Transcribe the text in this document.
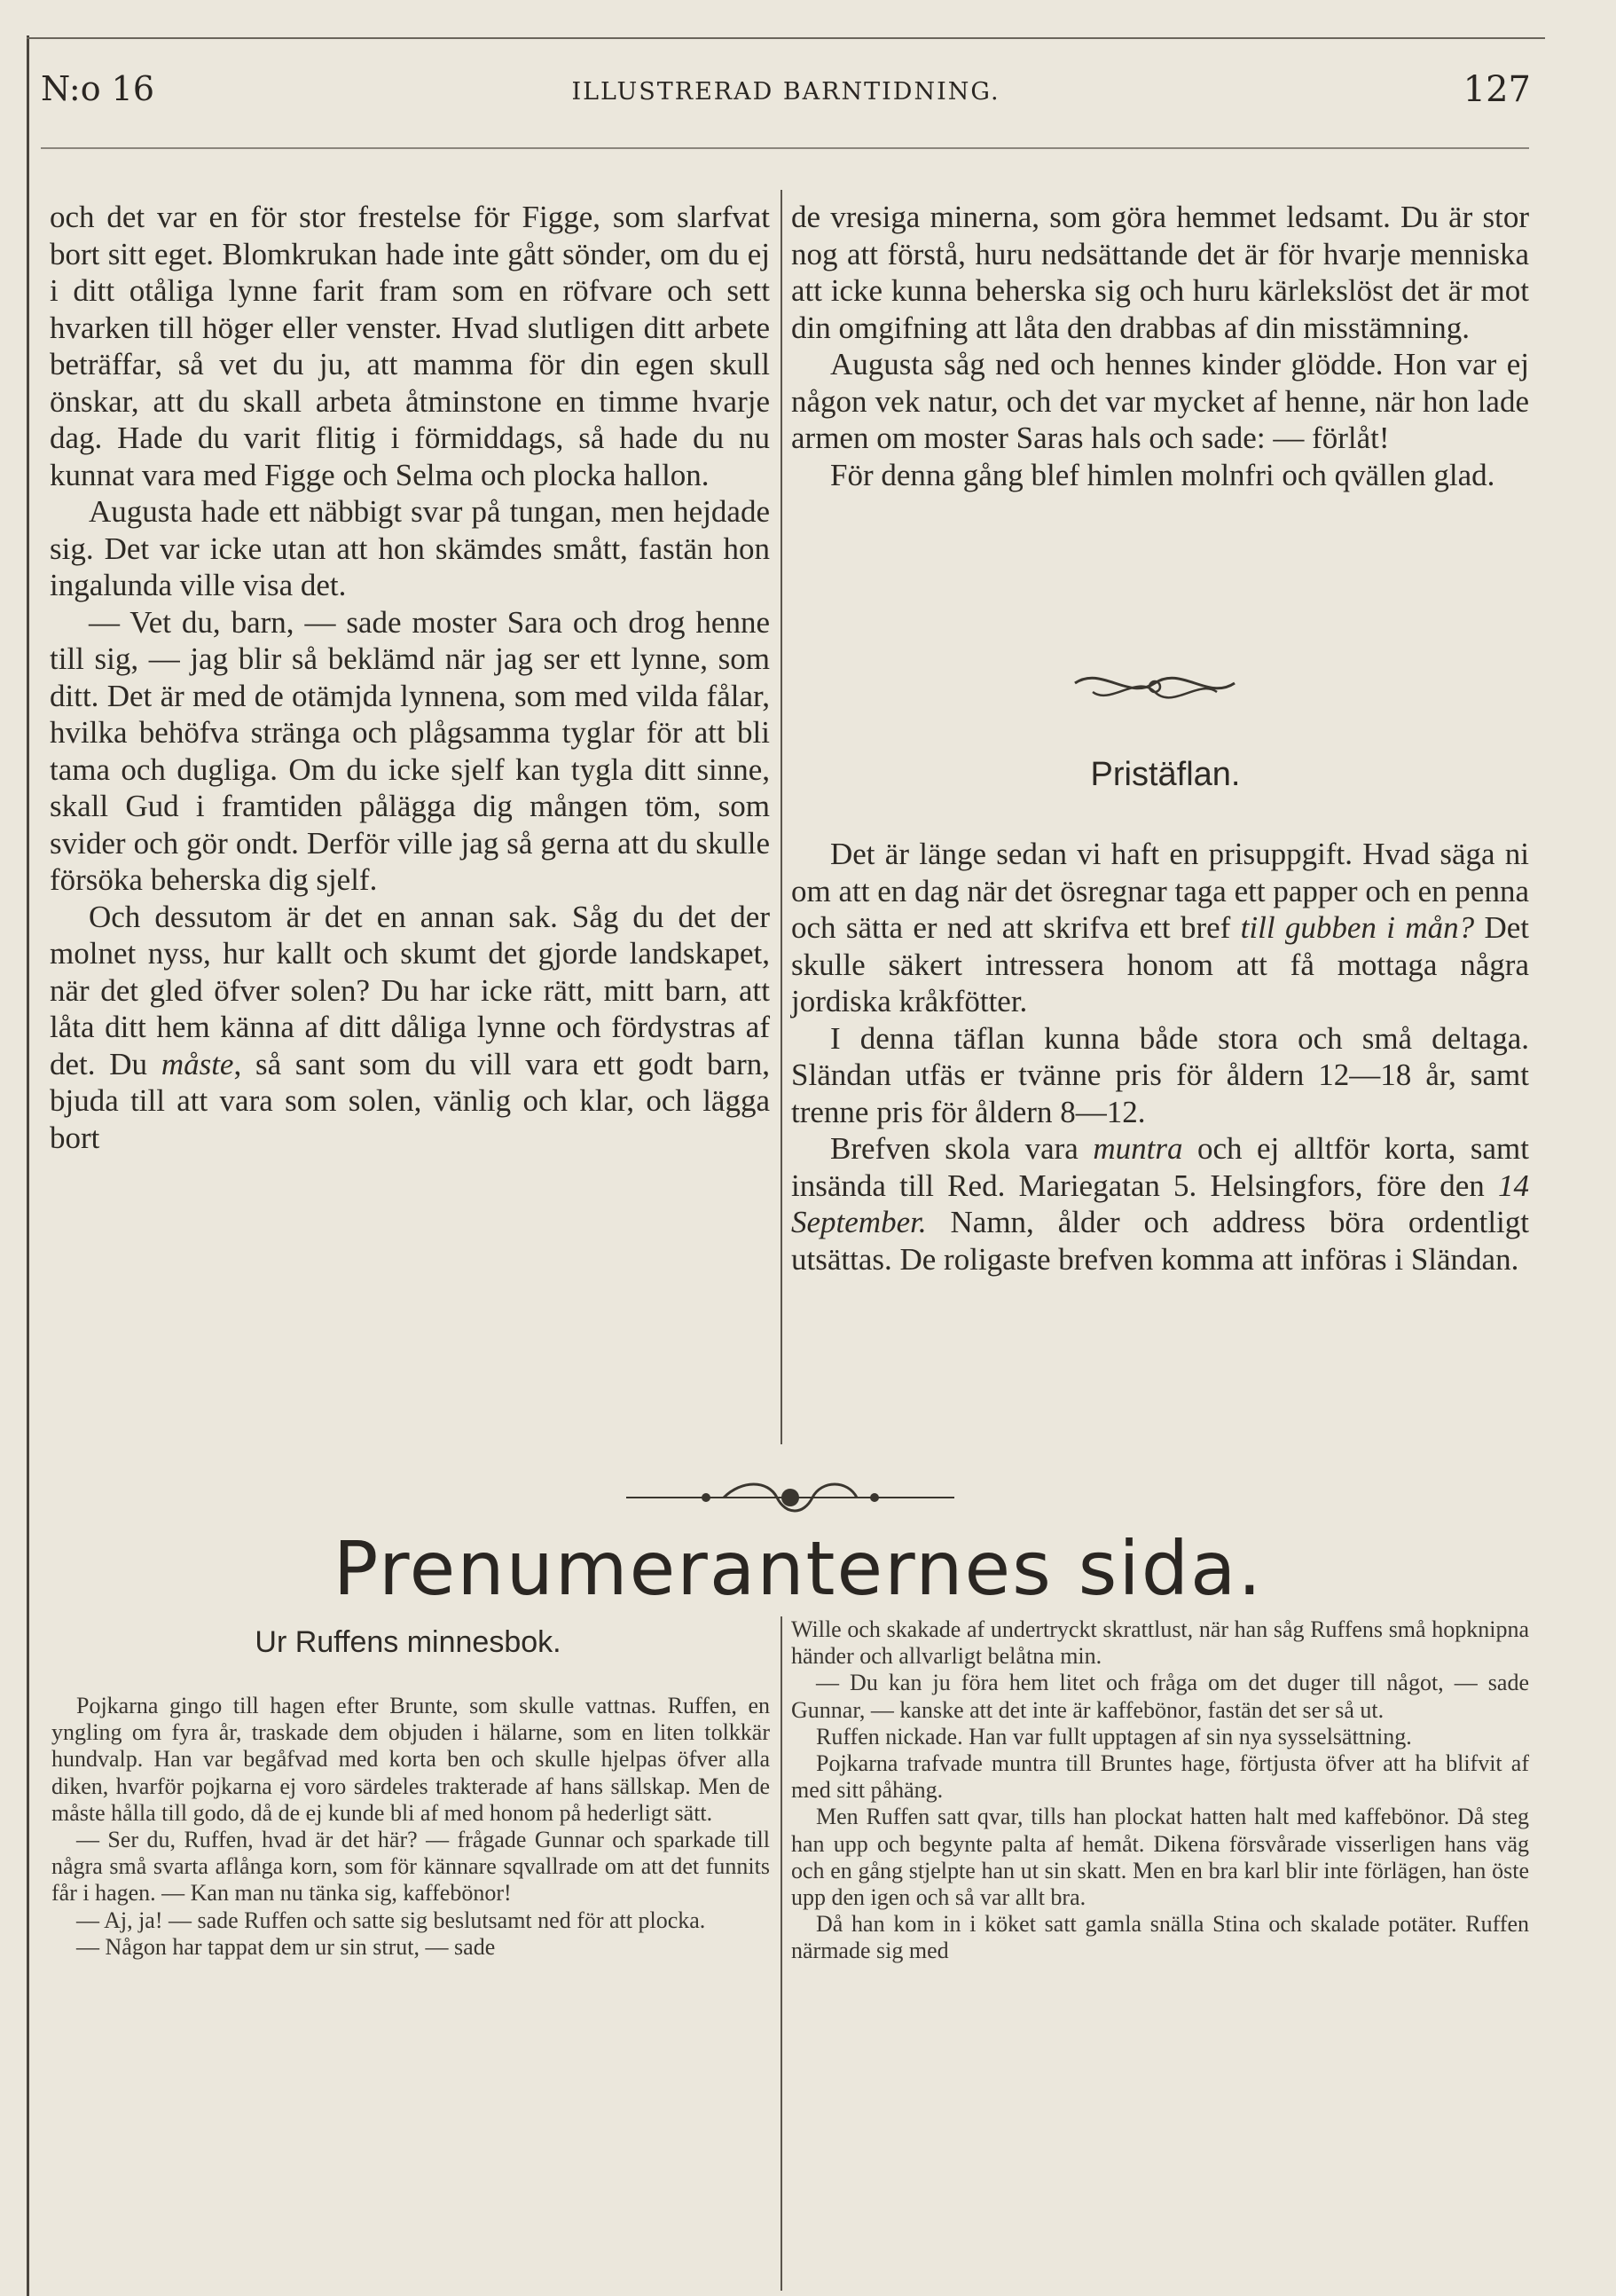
N:o 16	ILLUSTRERAD BARNTIDNING.	127

och det var en för stor frestelse för Figge, som slarfvat bort sitt eget. Blomkrukan hade inte gått sönder, om du ej i ditt otåliga lynne farit fram som en röfvare och sett hvarken till höger eller venster. Hvad slutligen ditt arbete beträffar, så vet du ju, att mamma för din egen skull önskar, att du skall arbeta åtminstone en timme hvarje dag. Hade du varit flitig i förmiddags, så hade du nu kunnat vara med Figge och Selma och plocka hallon.

Augusta hade ett näbbigt svar på tungan, men hejdade sig. Det var icke utan att hon skämdes smått, fastän hon ingalunda ville visa det.

— Vet du, barn, — sade moster Sara och drog henne till sig, — jag blir så beklämd när jag ser ett lynne, som ditt. Det är med de otämjda lynnena, som med vilda fålar, hvilka behöfva stränga och plågsamma tyglar för att bli tama och dugliga. Om du icke sjelf kan tygla ditt sinne, skall Gud i framtiden pålägga dig mången töm, som svider och gör ondt. Derför ville jag så gerna att du skulle försöka beherska dig sjelf.

Och dessutom är det en annan sak. Såg du det der molnet nyss, hur kallt och skumt det gjorde landskapet, när det gled öfver solen? Du har icke rätt, mitt barn, att låta ditt hem känna af ditt dåliga lynne och fördystras af det. Du måste, så sant som du vill vara ett godt barn, bjuda till att vara som solen, vänlig och klar, och lägga bort

de vresiga minerna, som göra hemmet ledsamt. Du är stor nog att förstå, huru nedsättande det är för hvarje menniska att icke kunna beherska sig och huru kärlekslöst det är mot din omgifning att låta den drabbas af din misstämning.

Augusta såg ned och hennes kinder glödde. Hon var ej någon vek natur, och det var mycket af henne, när hon lade armen om moster Saras hals och sade: — förlåt!

För denna gång blef himlen molnfri och qvällen glad.

Pristäflan.

Det är länge sedan vi haft en prisuppgift. Hvad säga ni om att en dag när det ösregnar taga ett papper och en penna och sätta er ned att skrifva ett bref till gubben i mån? Det skulle säkert intressera honom att få mottaga några jordiska kråkfötter.

I denna täflan kunna både stora och små deltaga. Sländan utfäs er tvänne pris för åldern 12—18 år, samt trenne pris för åldern 8—12.

Brefven skola vara muntra och ej alltför korta, samt insända till Red. Mariegatan 5. Helsingfors, före den 14 September. Namn, ålder och address böra ordentligt utsättas. De roligaste brefven komma att införas i Sländan.

Prenumeranternes sida.
Ur Ruffens minnesbok.

Pojkarna gingo till hagen efter Brunte, som skulle vattnas. Ruffen, en yngling om fyra år, traskade dem objuden i hälarne, som en liten tolkkär hundvalp. Han var begåfvad med korta ben och skulle hjelpas öfver alla diken, hvarför pojkarna ej voro särdeles trakterade af hans sällskap. Men de måste hålla till godo, då de ej kunde bli af med honom på hederligt sätt.

— Ser du, Ruffen, hvad är det här? — frågade Gunnar och sparkade till några små svarta aflånga korn, som för kännare sqvallrade om att det funnits får i hagen. — Kan man nu tänka sig, kaffebönor!

— Aj, ja! — sade Ruffen och satte sig beslutsamt ned för att plocka.

— Någon har tappat dem ur sin strut, — sade

Wille och skakade af undertryckt skrattlust, när han såg Ruffens små hopknipna händer och allvarligt belåtna min.

— Du kan ju föra hem litet och fråga om det duger till något, — sade Gunnar, — kanske att det inte är kaffebönor, fastän det ser så ut.

Ruffen nickade. Han var fullt upptagen af sin nya sysselsättning.

Pojkarna trafvade muntra till Bruntes hage, förtjusta öfver att ha blifvit af med sitt påhäng.

Men Ruffen satt qvar, tills han plockat hatten halt med kaffebönor. Då steg han upp och begynte palta af hemåt. Dikena försvårade visserligen hans väg och en gång stjelpte han ut sin skatt. Men en bra karl blir inte förlägen, han öste upp den igen och så var allt bra.

Då han kom in i köket satt gamla snälla Stina och skalade potäter. Ruffen närmade sig med
